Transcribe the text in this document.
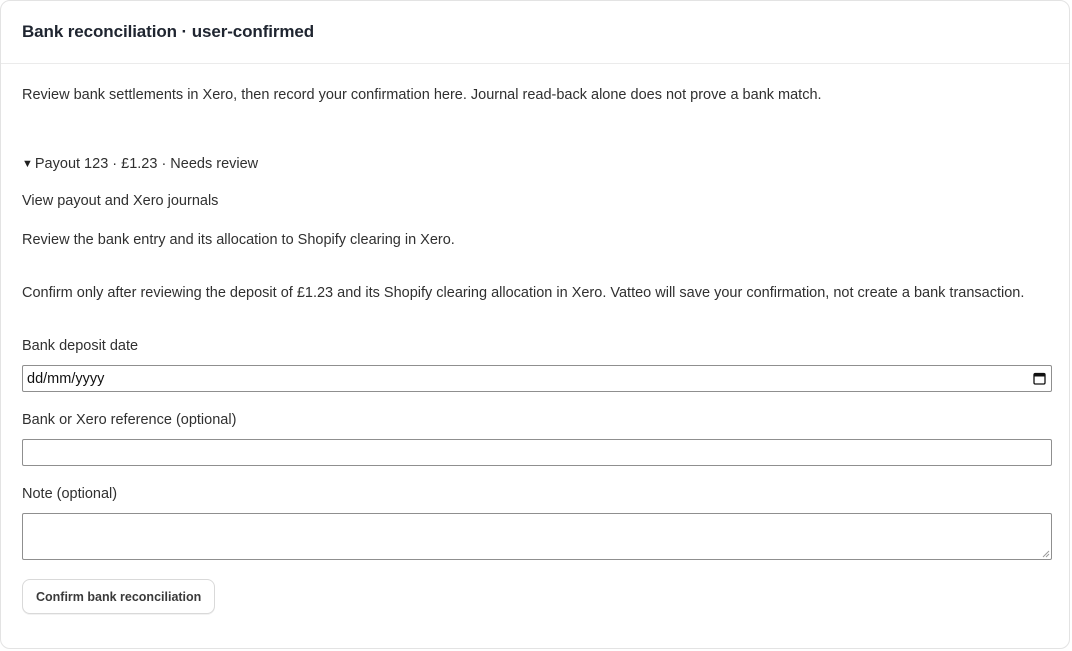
Bank reconciliation · user-confirmed
Review bank settlements in Xero, then record your confirmation here. Journal read-back alone does not prove a bank match.
▼ Payout 123 · £1.23 · Needs review
View payout and Xero journals
Review the bank entry and its allocation to Shopify clearing in Xero.
Confirm only after reviewing the deposit of £1.23 and its Shopify clearing allocation in Xero. Vatteo will save your confirmation, not create a bank transaction.
Bank deposit date
dd/mm/yyyy
Bank or Xero reference (optional)
Note (optional)
Confirm bank reconciliation
